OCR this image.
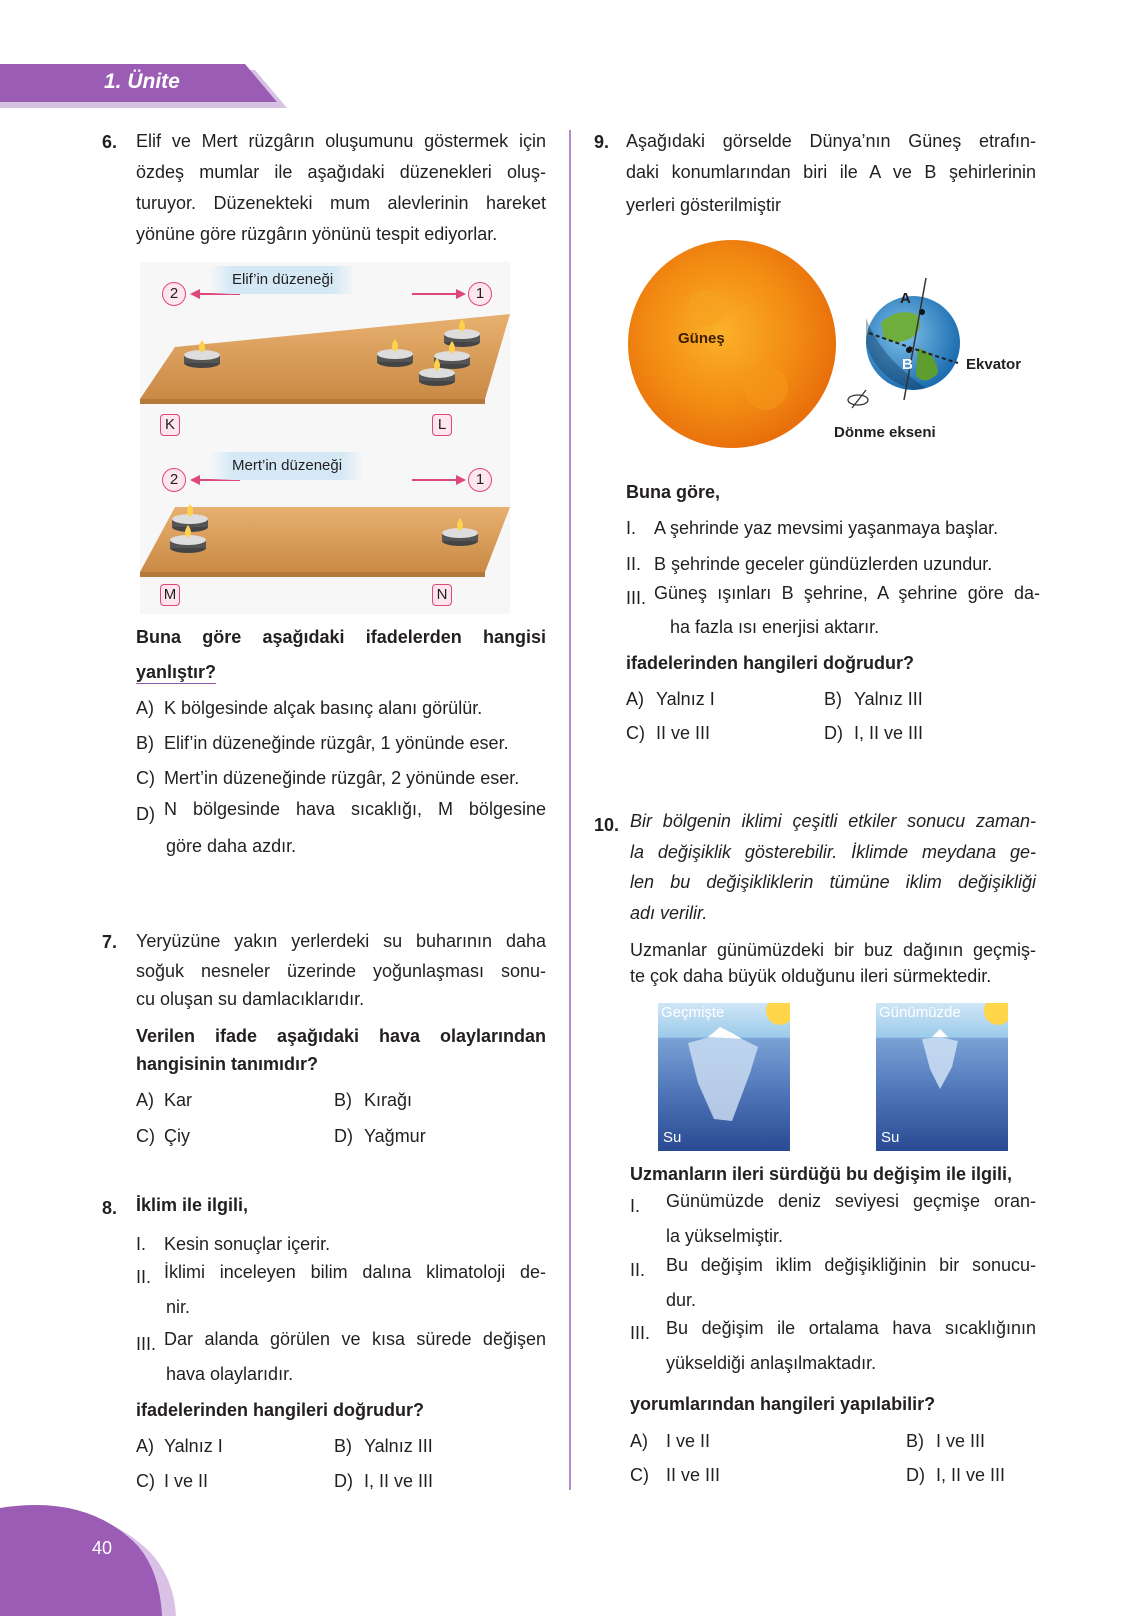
1. Ünite
6. Elif ve Mert rüzgârın oluşumunu göstermek için
özdeş mumlar ile aşağıdaki düzenekleri oluş-
turuyor. Düzenekteki mum alevlerinin hareket
yönüne göre rüzgârın yönünü tespit ediyorlar.
Elif’in düzeneği
Mert’in düzeneği
2	1
2	1
K	L
M	N
Buna göre aşağıdaki ifadelerden hangisi
yanlıştır?
A) K bölgesinde alçak basınç alanı görülür.
B) Elif’in düzeneğinde rüzgâr, 1 yönünde eser.
C) Mert’in düzeneğinde rüzgâr, 2 yönünde eser.
D) N bölgesinde hava sıcaklığı, M bölgesine
göre daha azdır.
7. Yeryüzüne yakın yerlerdeki su buharının daha
soğuk nesneler üzerinde yoğunlaşması sonu-
cu oluşan su damlacıklarıdır.
Verilen ifade aşağıdaki hava olaylarından
hangisinin tanımıdır?
A) Kar	B) Kırağı
C) Çiy	D) Yağmur
8. İklim ile ilgili,
I. Kesin sonuçlar içerir.
II. İklimi inceleyen bilim dalına klimatoloji de-
nir.
III. Dar alanda görülen ve kısa sürede değişen
hava olaylarıdır.
ifadelerinden hangileri doğrudur?
A) Yalnız I	B) Yalnız III
C) I ve II	D) I, II ve III
9. Aşağıdaki görselde Dünya’nın Güneş etrafın-
daki konumlarından biri ile A ve B şehirlerinin
yerleri gösterilmiştir
Güneş
A
B	Ekvator
Dönme ekseni
Buna göre,
I. A şehrinde yaz mevsimi yaşanmaya başlar.
II. B şehrinde geceler gündüzlerden uzundur.
III. Güneş ışınları B şehrine, A şehrine göre da-
ha fazla ısı enerjisi aktarır.
ifadelerinden hangileri doğrudur?
A) Yalnız I	B) Yalnız III
C) II ve III	D) I, II ve III
10. Bir bölgenin iklimi çeşitli etkiler sonucu zaman-
la değişiklik gösterebilir. İklimde meydana ge-
len bu değişikliklerin tümüne iklim değişikliği
adı verilir.
Uzmanlar günümüzdeki bir buz dağının geçmiş-
te çok daha büyük olduğunu ileri sürmektedir.
Geçmişte
Su
Günümüzde
Su
Uzmanların ileri sürdüğü bu değişim ile ilgili,
I. Günümüzde deniz seviyesi geçmişe oran-
la yükselmiştir.
II. Bu değişim iklim değişikliğinin bir sonucu-
dur.
III. Bu değişim ile ortalama hava sıcaklığının
yükseldiği anlaşılmaktadır.
yorumlarından hangileri yapılabilir?
A) I ve II	B) I ve III
C) II ve III	D) I, II ve III
40
